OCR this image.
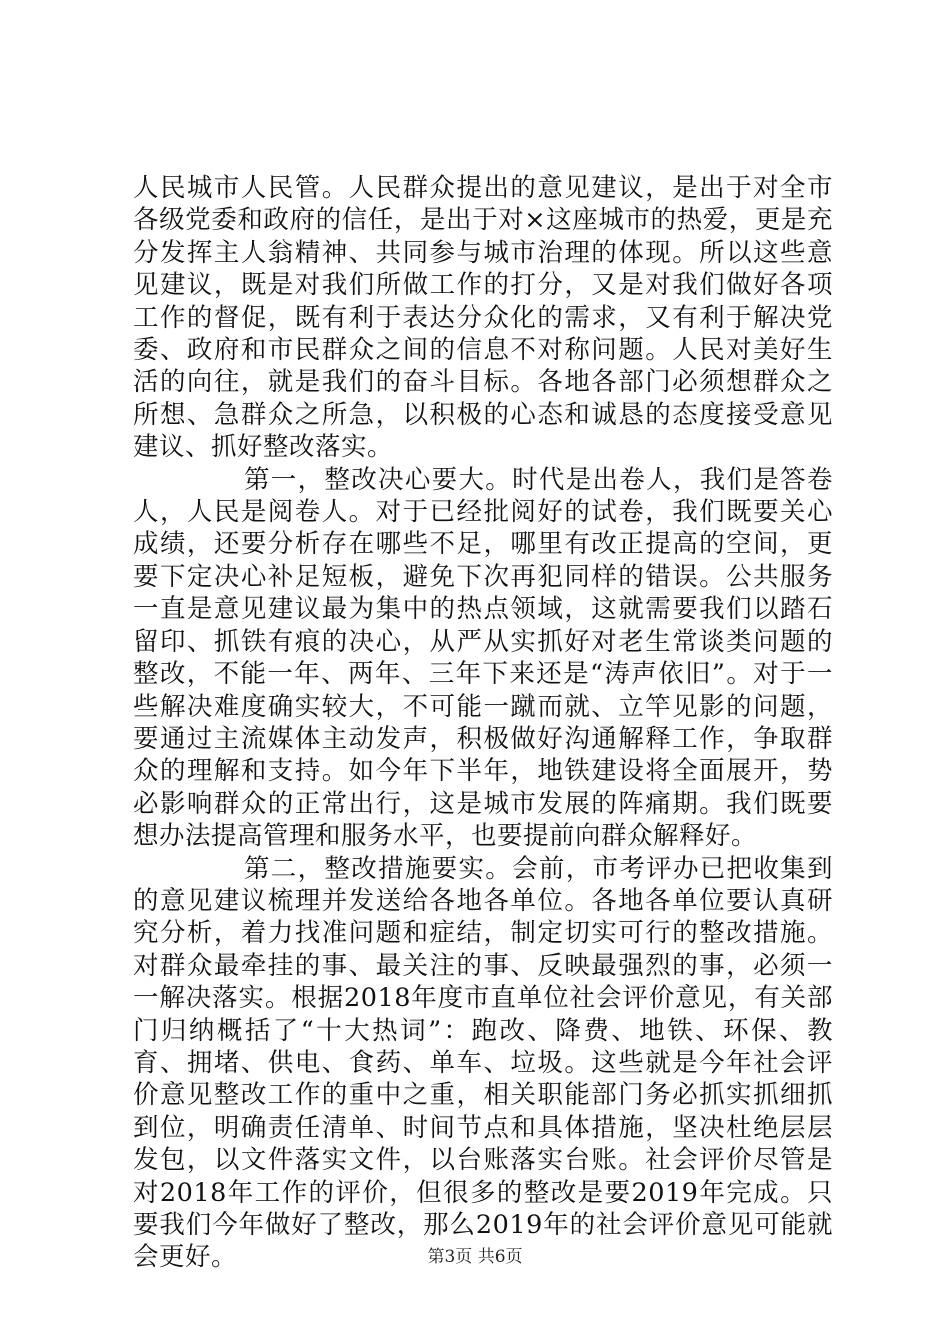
人民城市人民管。人民群众提出的意见建议，是出于对全市各级党委和政府的信任，是出于对×这座城市的热爱，更是充分发挥主人翁精神、共同参与城市治理的体现。所以这些意见建议，既是对我们所做工作的打分，又是对我们做好各项工作的督促，既有利于表达分众化的需求，又有利于解决党委、政府和市民群众之间的信息不对称问题。人民对美好生活的向往，就是我们的奋斗目标。各地各部门必须想群众之所想、急群众之所急，以积极的心态和诚恳的态度接受意见建议、抓好整改落实。

第一，整改决心要大。时代是出卷人，我们是答卷人，人民是阅卷人。对于已经批阅好的试卷，我们既要关心成绩，还要分析存在哪些不足，哪里有改正提高的空间，更要下定决心补足短板，避免下次再犯同样的错误。公共服务一直是意见建议最为集中的热点领域，这就需要我们以踏石留印、抓铁有痕的决心，从严从实抓好对老生常谈类问题的整改，不能一年、两年、三年下来还是“涛声依旧”。对于一些解决难度确实较大，不可能一蹴而就、立竿见影的问题，要通过主流媒体主动发声，积极做好沟通解释工作，争取群众的理解和支持。如今年下半年，地铁建设将全面展开，势必影响群众的正常出行，这是城市发展的阵痛期。我们既要想办法提高管理和服务水平，也要提前向群众解释好。

第二，整改措施要实。会前，市考评办已把收集到的意见建议梳理并发送给各地各单位。各地各单位要认真研究分析，着力找准问题和症结，制定切实可行的整改措施。对群众最牵挂的事、最关注的事、反映最强烈的事，必须一一解决落实。根据2018年度市直单位社会评价意见，有关部门归纳概括了“十大热词”：跑改、降费、地铁、环保、教育、拥堵、供电、食药、单车、垃圾。这些就是今年社会评价意见整改工作的重中之重，相关职能部门务必抓实抓细抓到位，明确责任清单、时间节点和具体措施，坚决杜绝层层发包，以文件落实文件，以台账落实台账。社会评价尽管是对2018年工作的评价，但很多的整改是要2019年完成。只要我们今年做好了整改，那么2019年的社会评价意见可能就会更好。	第3页 共6页
